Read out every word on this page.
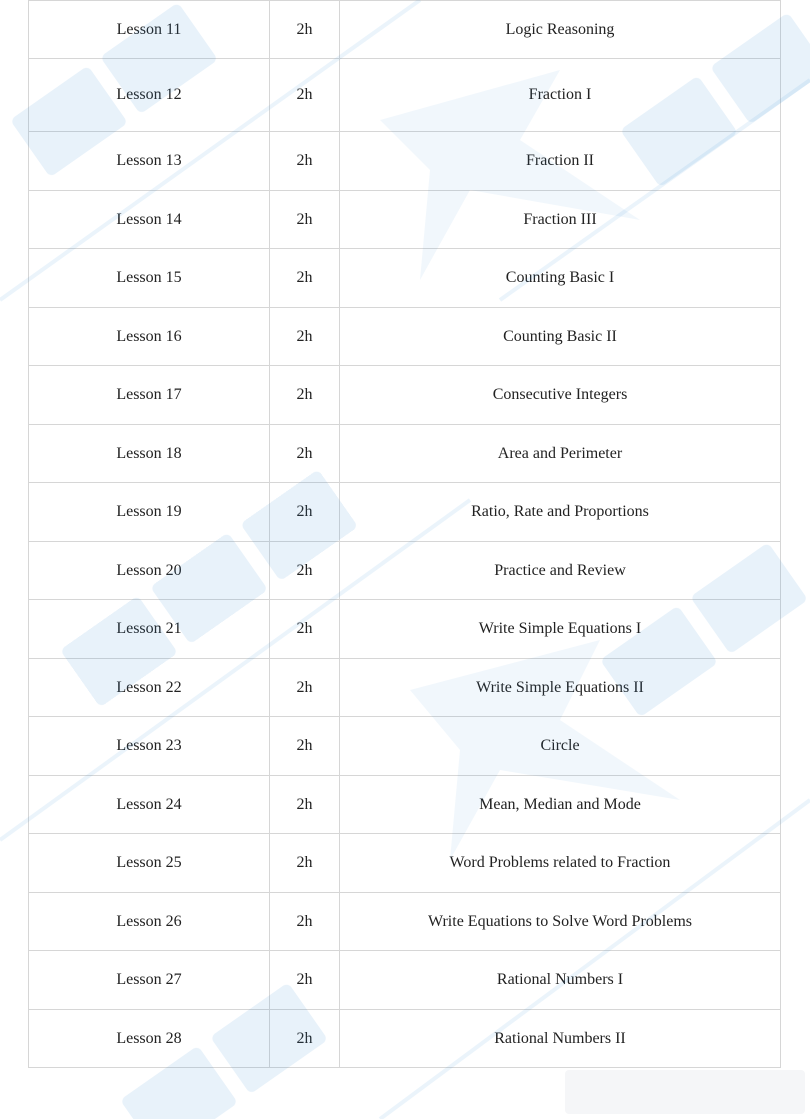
Lesson 11	2h	Logic Reasoning
Lesson 12	2h	Fraction I
Lesson 13	2h	Fraction II
Lesson 14	2h	Fraction III
Lesson 15	2h	Counting Basic I
Lesson 16	2h	Counting Basic II
Lesson 17	2h	Consecutive Integers
Lesson 18	2h	Area and Perimeter
Lesson 19	2h	Ratio, Rate and Proportions
Lesson 20	2h	Practice and Review
Lesson 21	2h	Write Simple Equations I
Lesson 22	2h	Write Simple Equations II
Lesson 23	2h	Circle
Lesson 24	2h	Mean, Median and Mode
Lesson 25	2h	Word Problems related to Fraction
Lesson 26	2h	Write Equations to Solve Word Problems
Lesson 27	2h	Rational Numbers I
Lesson 28	2h	Rational Numbers II
